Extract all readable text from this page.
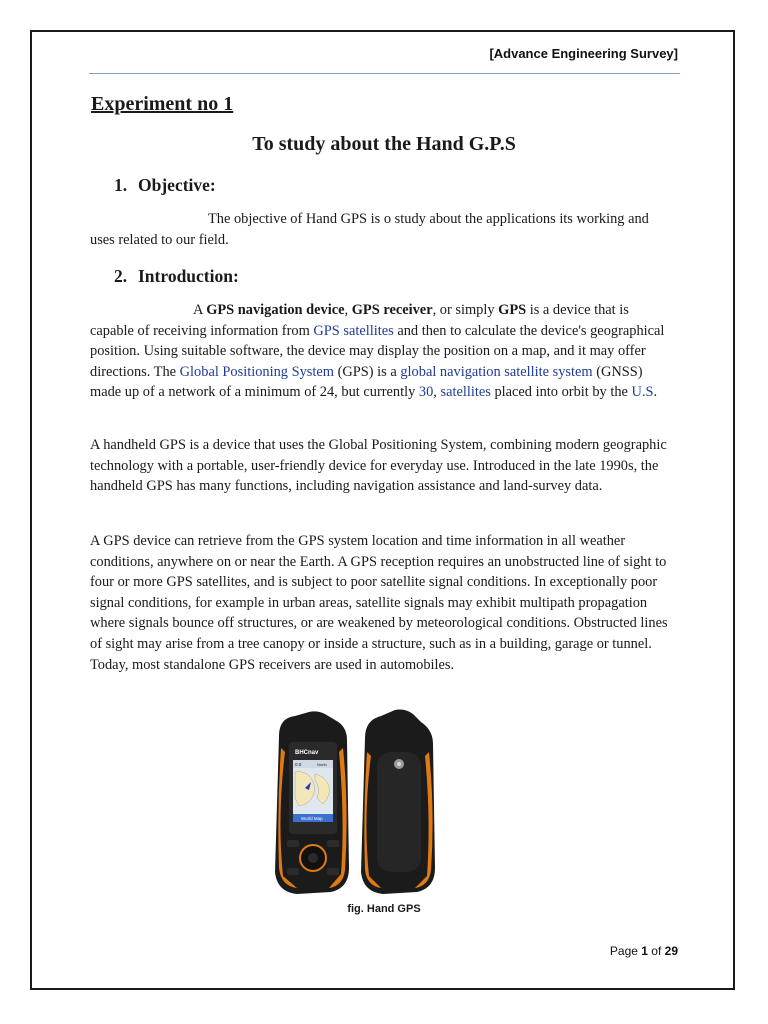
[Advance Engineering Survey]
Experiment no 1
To study about the Hand G.P.S
1. Objective:

The objective of Hand GPS is o study about the applications its working and uses related to our field.

2. Introduction:

A GPS navigation device, GPS receiver, or simply GPS is a device that is capable of receiving information from GPS satellites and then to calculate the device's geographical position. Using suitable software, the device may display the position on a map, and it may offer directions. The Global Positioning System (GPS) is a global navigation satellite system (GNSS) made up of a network of a minimum of 24, but currently 30, satellites placed into orbit by the U.S.

A handheld GPS is a device that uses the Global Positioning System, combining modern geographic technology with a portable, user-friendly device for everyday use. Introduced in the late 1990s, the handheld GPS has many functions, including navigation assistance and land-survey data.

A GPS device can retrieve from the GPS system location and time information in all weather conditions, anywhere on or near the Earth. A GPS reception requires an unobstructed line of sight to four or more GPS satellites, and is subject to poor satellite signal conditions. In exceptionally poor signal conditions, for example in urban areas, satellite signals may exhibit multipath propagation where signals bounce off structures, or are weakened by meteorological conditions. Obstructed lines of sight may arise from a tree canopy or inside a structure, such as in a building, garage or tunnel. Today, most standalone GPS receivers are used in automobiles.

BHCnav
0.0	North
World Map
fig. Hand GPS
Page 1 of 29
